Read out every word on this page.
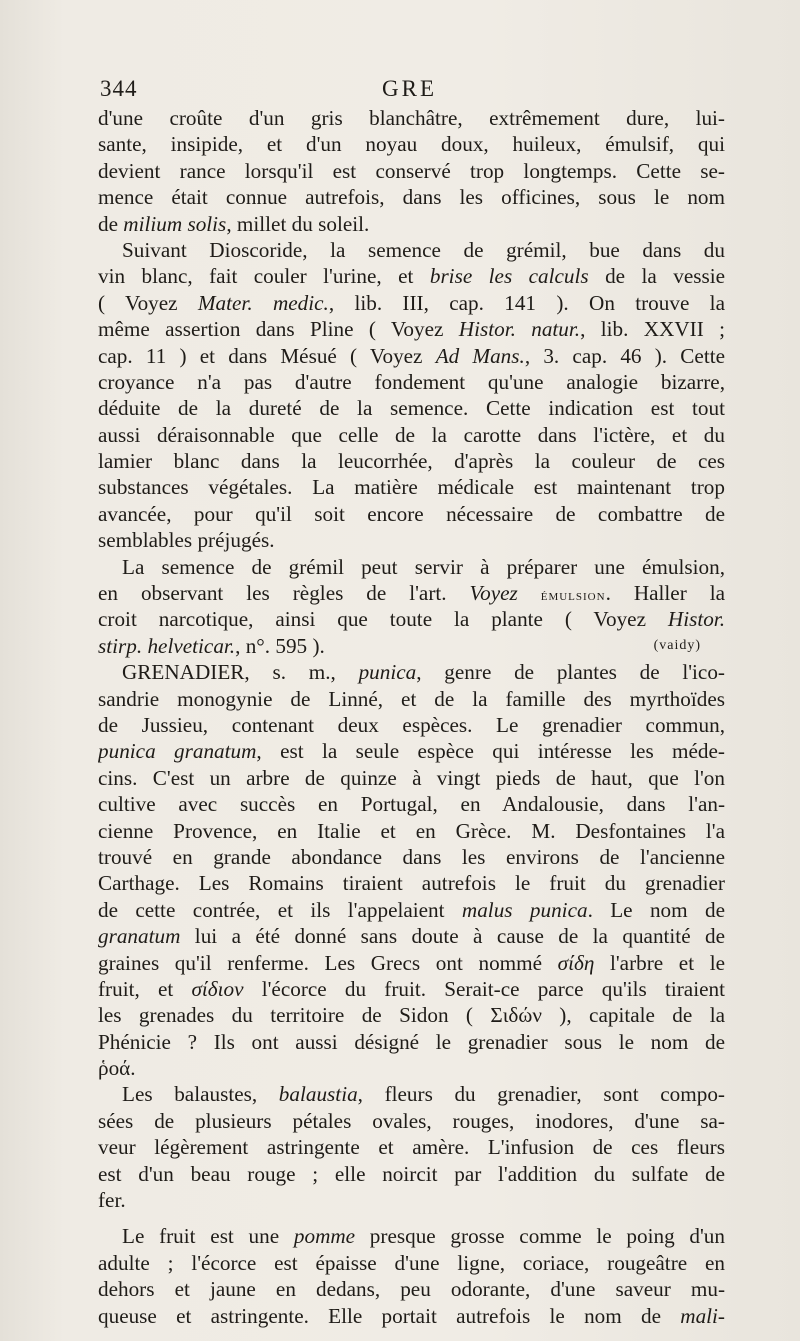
344	GRE
d'une croûte d'un gris blanchâtre, extrêmement dure, lui-
sante, insipide, et d'un noyau doux, huileux, émulsif, qui
devient rance lorsqu'il est conservé trop longtemps. Cette se-
mence était connue autrefois, dans les officines, sous le nom
de milium solis, millet du soleil.
Suivant Dioscoride, la semence de grémil, bue dans du
vin blanc, fait couler l'urine, et brise les calculs de la vessie
( Voyez Mater. medic., lib. III, cap. 141 ). On trouve la
même assertion dans Pline ( Voyez Histor. natur., lib. XXVII ;
cap. 11 ) et dans Mésué ( Voyez Ad Mans., 3. cap. 46 ). Cette
croyance n'a pas d'autre fondement qu'une analogie bizarre,
déduite de la dureté de la semence. Cette indication est tout
aussi déraisonnable que celle de la carotte dans l'ictère, et du
lamier blanc dans la leucorrhée, d'après la couleur de ces
substances végétales. La matière médicale est maintenant trop
avancée, pour qu'il soit encore nécessaire de combattre de
semblables préjugés.
La semence de grémil peut servir à préparer une émulsion,
en observant les règles de l'art. Voyez émulsion. Haller la
croit narcotique, ainsi que toute la plante ( Voyez Histor.
stirp. helveticar., n°. 595 ).	(vaidy)
GRENADIER, s. m., punica, genre de plantes de l'ico-
sandrie monogynie de Linné, et de la famille des myrthoïdes
de Jussieu, contenant deux espèces. Le grenadier commun,
punica granatum, est la seule espèce qui intéresse les méde-
cins. C'est un arbre de quinze à vingt pieds de haut, que l'on
cultive avec succès en Portugal, en Andalousie, dans l'an-
cienne Provence, en Italie et en Grèce. M. Desfontaines l'a
trouvé en grande abondance dans les environs de l'ancienne
Carthage. Les Romains tiraient autrefois le fruit du grenadier
de cette contrée, et ils l'appelaient malus punica. Le nom de
granatum lui a été donné sans doute à cause de la quantité de
graines qu'il renferme. Les Grecs ont nommé σίδη l'arbre et le
fruit, et σίδιον l'écorce du fruit. Serait-ce parce qu'ils tiraient
les grenades du territoire de Sidon ( Σιδών ), capitale de la
Phénicie ? Ils ont aussi désigné le grenadier sous le nom de
ῥοά.
Les balaustes, balaustia, fleurs du grenadier, sont compo-
sées de plusieurs pétales ovales, rouges, inodores, d'une sa-
veur légèrement astringente et amère. L'infusion de ces fleurs
est d'un beau rouge ; elle noircit par l'addition du sulfate de
fer.
Le fruit est une pomme presque grosse comme le poing d'un
adulte ; l'écorce est épaisse d'une ligne, coriace, rougeâtre en
dehors et jaune en dedans, peu odorante, d'une saveur mu-
queuse et astringente. Elle portait autrefois le nom de mali-
